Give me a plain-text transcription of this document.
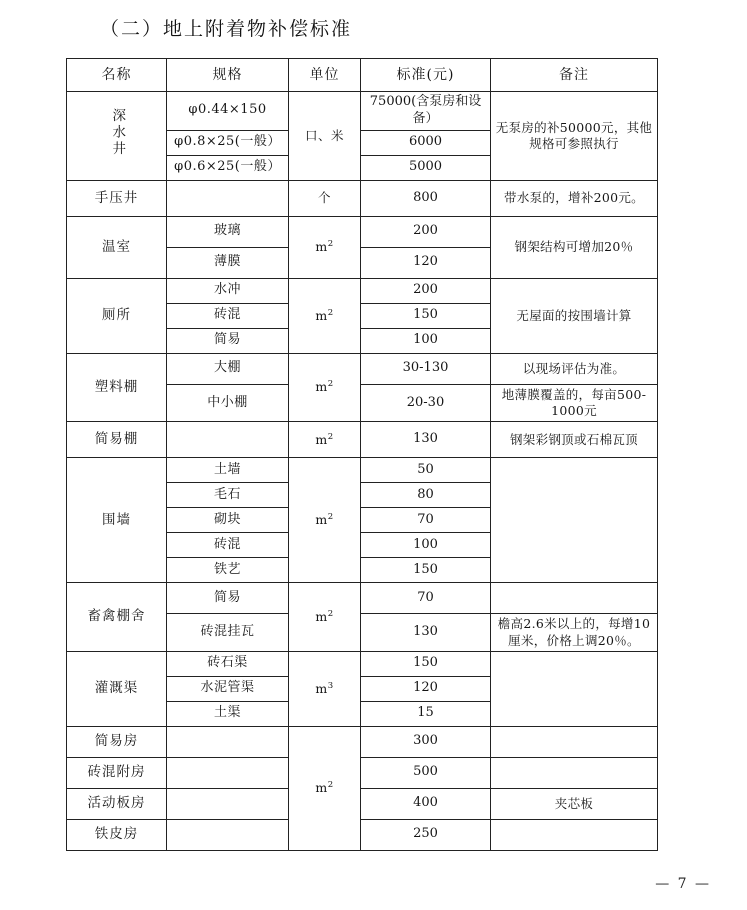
（二）地上附着物补偿标准
名称	规格	单位	标准(元)	备注
深水井	φ0.44×150	口、米	75000(含泵房和设备）	无泵房的补50000元，其他规格可参照执行
	φ0.8×25(一般）		6000	
	φ0.6×25(一般）		5000	
手压井		个	800	带水泵的，增补200元。
温室	玻璃	$m^2$	200	钢架结构可增加20％
	薄膜		120	
厕所	水冲	$m^2$	200	无屋面的按围墙计算
	砖混		150	
	简易		100	
塑料棚	大棚	$m^2$	30-130	以现场评估为准。
	中小棚		20-30	地薄膜覆盖的，每亩500-1000元
简易棚		$m^2$	130	钢架彩钢顶或石棉瓦顶
围墙	土墙	$m^2$	50	
	毛石		80	
	砌块		70	
	砖混		100	
	铁艺		150	
畜禽棚舍	简易	$m^2$	70	
	砖混挂瓦		130	檐高2.6米以上的，每增10厘米，价格上调20％。
灌溉渠	砖石渠	$m^3$	150	
	水泥管渠		120	
	土渠		15	
简易房		$m^2$	300	
砖混附房			500	
活动板房			400	夹芯板
铁皮房			250	
— 7 —
